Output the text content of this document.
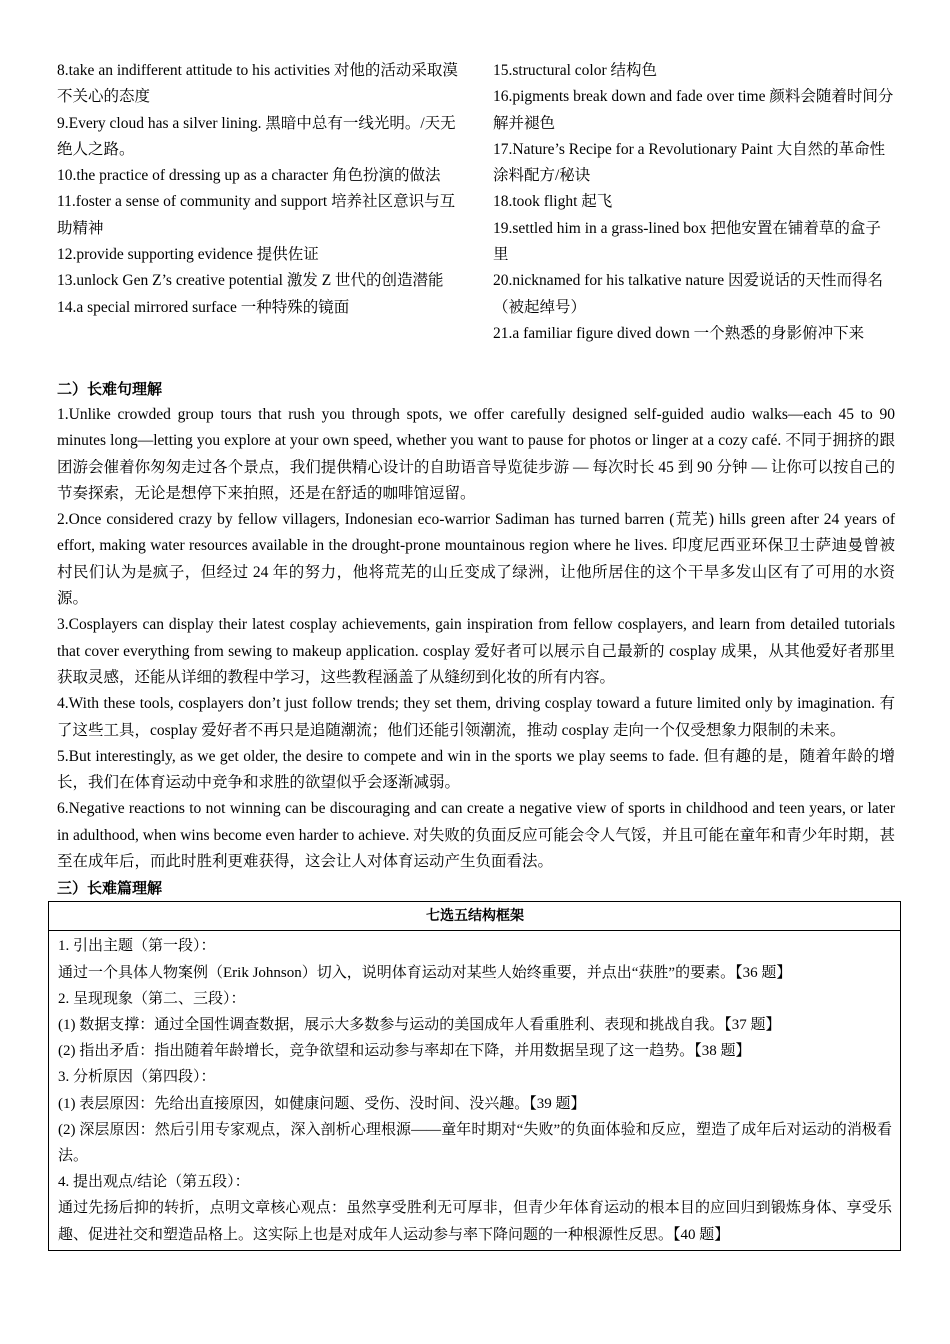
8.take an indifferent attitude to his activities 对他的活动采取漠不关心的态度

9.Every cloud has a silver lining. 黑暗中总有一线光明。/天无绝人之路。

10.the practice of dressing up as a character 角色扮演的做法

11.foster a sense of community and support 培养社区意识与互助精神

12.provide supporting evidence 提供佐证

13.unlock Gen Z’s creative potential 激发 Z 世代的创造潜能

14.a special mirrored surface 一种特殊的镜面

15.structural color 结构色

16.pigments break down and fade over time 颜料会随着时间分解并褪色

17.Nature’s Recipe for a Revolutionary Paint 大自然的革命性涂料配方/秘诀

18.took flight 起飞

19.settled him in a grass-lined box 把他安置在铺着草的盒子里

20.nicknamed for his talkative nature 因爱说话的天性而得名（被起绰号）

21.a familiar figure dived down 一个熟悉的身影俯冲下来

二）长难句理解

1.Unlike crowded group tours that rush you through spots, we offer carefully designed self-guided audio walks—each 45 to 90 minutes long—letting you explore at your own speed, whether you want to pause for photos or linger at a cozy café. 不同于拥挤的跟团游会催着你匆匆走过各个景点，我们提供精心设计的自助语音导览徒步游 — 每次时长 45 到 90 分钟 — 让你可以按自己的节奏探索，无论是想停下来拍照，还是在舒适的咖啡馆逗留。

2.Once considered crazy by fellow villagers, Indonesian eco-warrior Sadiman has turned barren (荒芜) hills green after 24 years of effort, making water resources available in the drought-prone mountainous region where he lives. 印度尼西亚环保卫士萨迪曼曾被村民们认为是疯子，但经过 24 年的努力，他将荒芜的山丘变成了绿洲，让他所居住的这个干旱多发山区有了可用的水资源。

3.Cosplayers can display their latest cosplay achievements, gain inspiration from fellow cosplayers, and learn from detailed tutorials that cover everything from sewing to makeup application. cosplay 爱好者可以展示自己最新的 cosplay 成果，从其他爱好者那里获取灵感，还能从详细的教程中学习，这些教程涵盖了从缝纫到化妆的所有内容。

4.With these tools, cosplayers don’t just follow trends; they set them, driving cosplay toward a future limited only by imagination. 有了这些工具，cosplay 爱好者不再只是追随潮流；他们还能引领潮流，推动 cosplay 走向一个仅受想象力限制的未来。

5.But interestingly, as we get older, the desire to compete and win in the sports we play seems to fade. 但有趣的是，随着年龄的增长，我们在体育运动中竞争和求胜的欲望似乎会逐渐减弱。

6.Negative reactions to not winning can be discouraging and can create a negative view of sports in childhood and teen years, or later in adulthood, when wins become even harder to achieve. 对失败的负面反应可能会令人气馁，并且可能在童年和青少年时期，甚至在成年后，而此时胜利更难获得，这会让人对体育运动产生负面看法。

三）长难篇理解

七选五结构框架

1. 引出主题（第一段）：

通过一个具体人物案例（Erik Johnson）切入，说明体育运动对某些人始终重要，并点出“获胜”的要素。【36 题】

2. 呈现现象（第二、三段）：

(1) 数据支撑：通过全国性调查数据，展示大多数参与运动的美国成年人看重胜利、表现和挑战自我。【37 题】

(2) 指出矛盾：指出随着年龄增长，竞争欲望和运动参与率却在下降，并用数据呈现了这一趋势。【38 题】

3. 分析原因（第四段）：

(1) 表层原因：先给出直接原因，如健康问题、受伤、没时间、没兴趣。【39 题】

(2) 深层原因：然后引用专家观点，深入剖析心理根源——童年时期对“失败”的负面体验和反应，塑造了成年后对运动的消极看法。

4. 提出观点/结论（第五段）：

通过先扬后抑的转折，点明文章核心观点：虽然享受胜利无可厚非，但青少年体育运动的根本目的应回归到锻炼身体、享受乐趣、促进社交和塑造品格上。这实际上也是对成年人运动参与率下降问题的一种根源性反思。【40 题】
